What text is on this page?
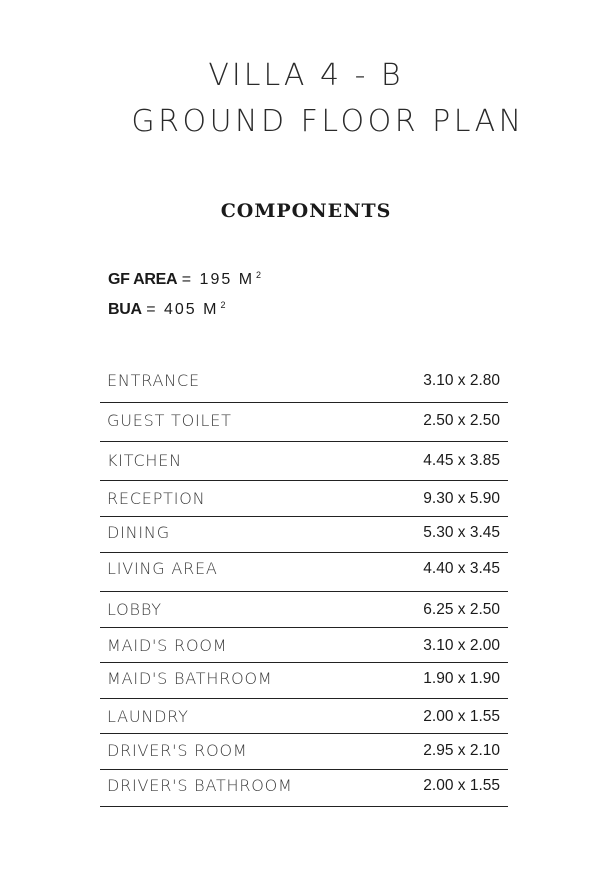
VILLA 4 - B
GROUND FLOOR PLAN
COMPONENTS
GF AREA = 195 M $^2$
BUA = 405 M $^2$
ENTRANCE	3.10 x 2.80
GUEST TOILET	2.50 x 2.50
KITCHEN	4.45 x 3.85
RECEPTION	9.30 x 5.90
DINING	5.30 x 3.45
LIVING AREA	4.40 x 3.45
LOBBY	6.25 x 2.50
MAID'S ROOM	3.10 x 2.00
MAID'S BATHROOM	1.90 x 1.90
LAUNDRY	2.00 x 1.55
DRIVER'S ROOM	2.95 x 2.10
DRIVER'S BATHROOM	2.00 x 1.55
